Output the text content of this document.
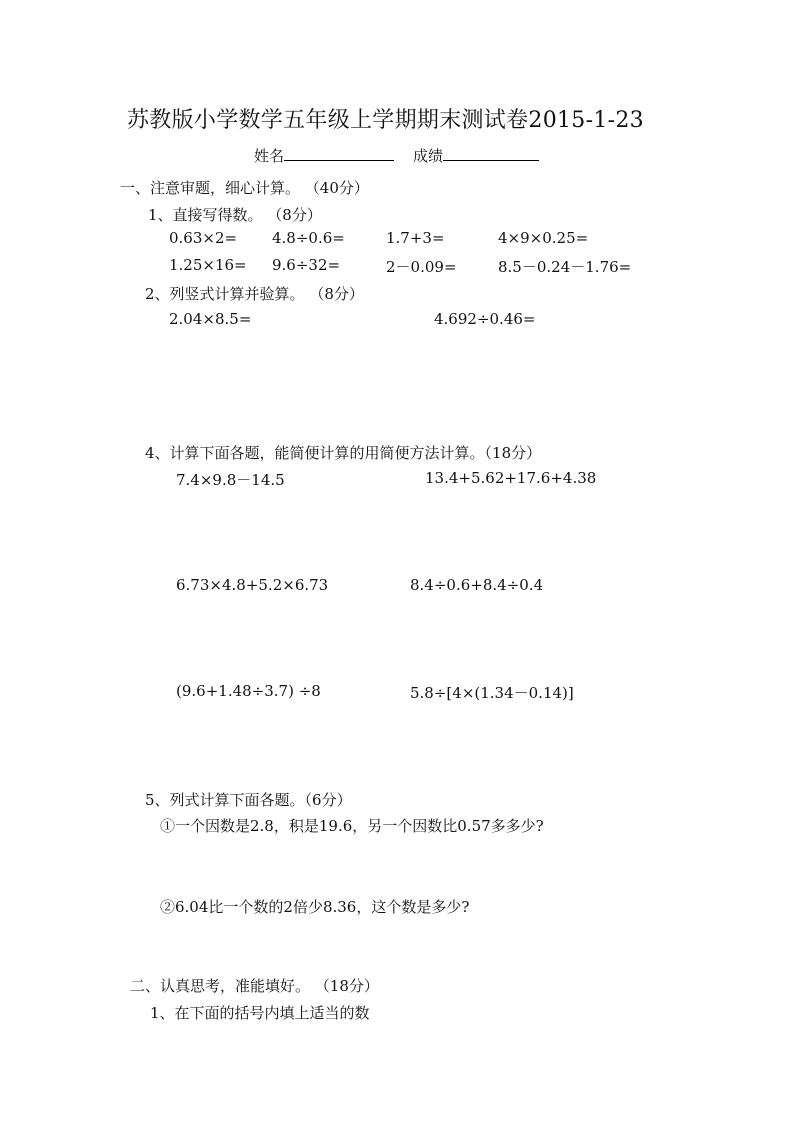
苏教版小学数学五年级上学期期末测试卷2015-1-23
姓名	成绩
一、注意审题，细心计算。 （40分）
1、直接写得数。 （8分）
0.63×2= 4.8÷0.6=	1.7+3=	4×9×0.25=
1.25×16= 9.6÷32=	2－0.09=	8.5－0.24－1.76=
2、列竖式计算并验算。 （8分）
2.04×8.5=	4.692÷0.46=
4、计算下面各题，能简便计算的用简便方法计算。（18分）
7.4×9.8－14.5	13.4+5.62+17.6+4.38
6.73×4.8+5.2×6.73	8.4÷0.6+8.4÷0.4
(9.6+1.48÷3.7) ÷8	5.8÷[4×(1.34－0.14)]
5、列式计算下面各题。（6分）
①一个因数是2.8，积是19.6，另一个因数比0.57多多少?
②6.04比一个数的2倍少8.36，这个数是多少?
二、认真思考，准能填好。 （18分）
1、在下面的括号内填上适当的数
